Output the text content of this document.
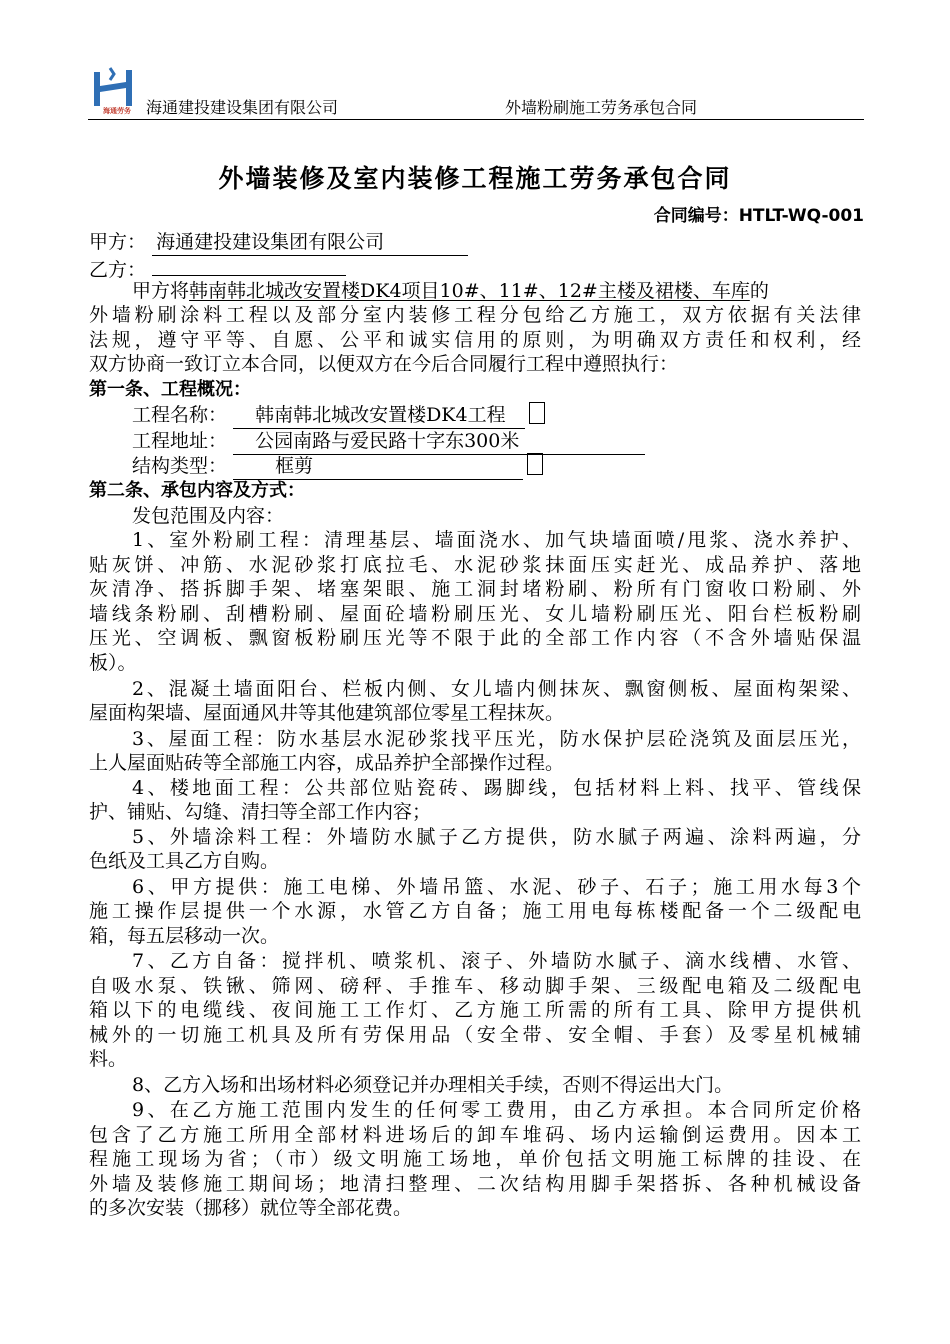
海通劳务 海通建投建设集团有限公司	外墙粉刷施工劳务承包合同
外墙装修及室内装修工程施工劳务承包合同
合同编号：HTLT-WQ-001
甲方： 海通建投建设集团有限公司
乙方：
甲方将韩南韩北城改安置楼DK4项目10#、11#、12#主楼及裙楼、车库的
外墙粉刷涂料工程以及部分室内装修工程分包给乙方施工，双方依据有关法律
法规，遵守平等、自愿、公平和诚实信用的原则，为明确双方责任和权利，经
双方协商一致订立本合同，以便双方在今后合同履行工程中遵照执行：
第一条、工程概况：
工程名称： 韩南韩北城改安置楼DK4工程
工程地址： 公园南路与爱民路十字东300米
结构类型：	框剪
第二条、承包内容及方式：
发包范围及内容：
1、室外粉刷工程：清理基层、墙面浇水、加气块墙面喷/甩浆、浇水养护、
贴灰饼、冲筋、水泥砂浆打底拉毛、水泥砂浆抹面压实赶光、成品养护、落地
灰清净、搭拆脚手架、堵塞架眼、施工洞封堵粉刷、粉所有门窗收口粉刷、外
墙线条粉刷、刮槽粉刷、屋面砼墙粉刷压光、女儿墙粉刷压光、阳台栏板粉刷
压光、空调板、飘窗板粉刷压光等不限于此的全部工作内容（不含外墙贴保温
板）。
2、混凝土墙面阳台、栏板内侧、女儿墙内侧抹灰、飘窗侧板、屋面构架梁、
屋面构架墙、屋面通风井等其他建筑部位零星工程抹灰。
3、屋面工程：防水基层水泥砂浆找平压光，防水保护层砼浇筑及面层压光，
上人屋面贴砖等全部施工内容，成品养护全部操作过程。
4、楼地面工程：公共部位贴瓷砖、踢脚线，包括材料上料、找平、管线保
护、铺贴、勾缝、清扫等全部工作内容；
5、外墙涂料工程：外墙防水腻子乙方提供，防水腻子两遍、涂料两遍，分
色纸及工具乙方自购。
6、甲方提供：施工电梯、外墙吊篮、水泥、砂子、石子；施工用水每3个
施工操作层提供一个水源，水管乙方自备；施工用电每栋楼配备一个二级配电
箱，每五层移动一次。
7、乙方自备：搅拌机、喷浆机、滚子、外墙防水腻子、滴水线槽、水管、
自吸水泵、铁锹、筛网、磅秤、手推车、移动脚手架、三级配电箱及二级配电
箱以下的电缆线、夜间施工工作灯、乙方施工所需的所有工具、除甲方提供机
械外的一切施工机具及所有劳保用品（安全带、安全帽、手套）及零星机械辅
料。
8、乙方入场和出场材料必须登记并办理相关手续，否则不得运出大门。
9、在乙方施工范围内发生的任何零工费用，由乙方承担。本合同所定价格
包含了乙方施工所用全部材料进场后的卸车堆码、场内运输倒运费用。因本工
程施工现场为省；（市）级文明施工场地，单价包括文明施工标牌的挂设、在
外墙及装修施工期间场；地清扫整理、二次结构用脚手架搭拆、各种机械设备
的多次安装（挪移）就位等全部花费。
